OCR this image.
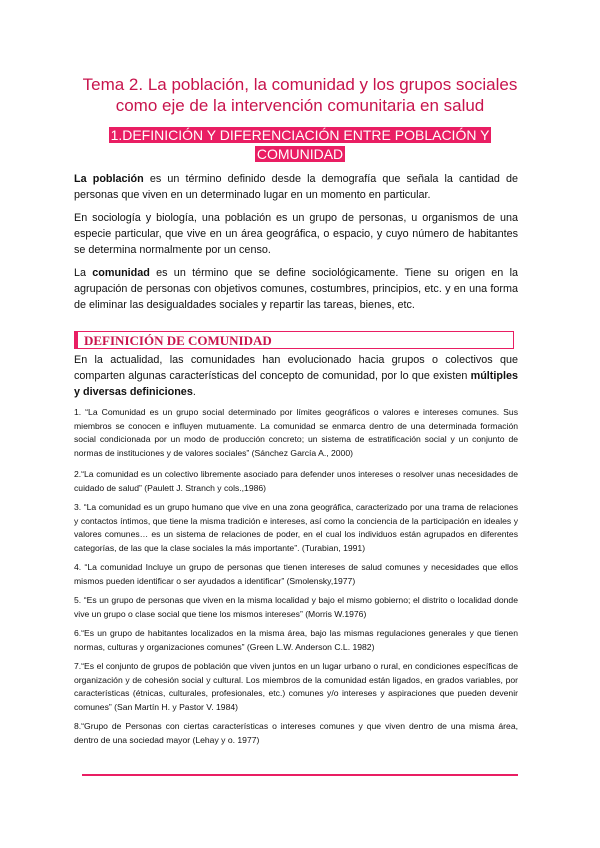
Tema 2. La población, la comunidad y los grupos sociales
como eje de la intervención comunitaria en salud
1.DEFINICIÓN Y DIFERENCIACIÓN ENTRE POBLACIÓN Y
COMUNIDAD

La población es un término definido desde la demografía que señala la cantidad de personas que viven en un determinado lugar en un momento en particular.

En sociología y biología, una población es un grupo de personas, u organismos de una especie particular, que vive en un área geográfica, o espacio, y cuyo número de habitantes se determina normalmente por un censo.

La comunidad es un término que se define sociológicamente. Tiene su origen en la agrupación de personas con objetivos comunes, costumbres, principios, etc. y en una forma de eliminar las desigualdades sociales y repartir las tareas, bienes, etc.

DEFINICIÓN DE COMUNIDAD

En la actualidad, las comunidades han evolucionado hacia grupos o colectivos que comparten algunas características del concepto de comunidad, por lo que existen múltiples y diversas definiciones.

1. “La Comunidad es un grupo social determinado por límites geográficos o valores e intereses comunes. Sus miembros se conocen e influyen mutuamente. La comunidad se enmarca dentro de una determinada formación social condicionada por un modo de producción concreto; un sistema de estratificación social y un conjunto de normas de instituciones y de valores sociales” (Sánchez García A., 2000)

2.“La comunidad es un colectivo libremente asociado para defender unos intereses o resolver unas necesidades de cuidado de salud” (Paulett J. Stranch y cols.,1986)

3. “La comunidad es un grupo humano que vive en una zona geográfica, caracterizado por una trama de relaciones y contactos íntimos, que tiene la misma tradición e intereses, así como la conciencia de la participación en ideales y valores comunes… es un sistema de relaciones de poder, en el cual los individuos están agrupados en diferentes categorías, de las que la clase sociales la más importante”. (Turabian, 1991)

4. “La comunidad Incluye un grupo de personas que tienen intereses de salud comunes y necesidades que ellos mismos pueden identificar o ser ayudados a identificar” (Smolensky,1977)

5. “Es un grupo de personas que viven en la misma localidad y bajo el mismo gobierno; el distrito o localidad donde vive un grupo o clase social que tiene los mismos intereses” (Morris W.1976)

6.“Es un grupo de habitantes localizados en la misma área, bajo las mismas regulaciones generales y que tienen normas, culturas y organizaciones comunes” (Green L.W. Anderson C.L. 1982)

7.“Es el conjunto de grupos de población que viven juntos en un lugar urbano o rural, en condiciones específicas de organización y de cohesión social y cultural. Los miembros de la comunidad están ligados, en grados variables, por características (étnicas, culturales, profesionales, etc.) comunes y/o intereses y aspiraciones que pueden devenir comunes” (San Martín H. y Pastor V. 1984)

8.“Grupo de Personas con ciertas características o intereses comunes y que viven dentro de una misma área, dentro de una sociedad mayor (Lehay y o. 1977)
